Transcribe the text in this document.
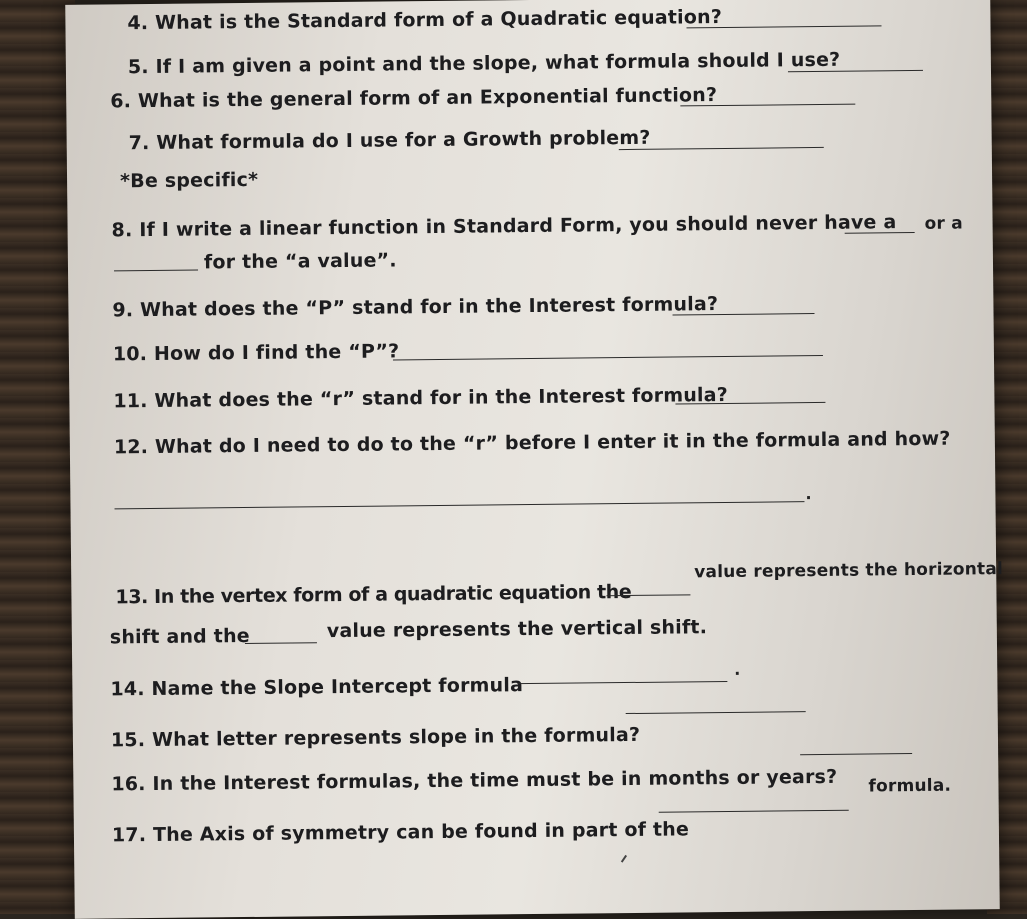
4. What is the Standard form of a Quadratic equation?
5. If I am given a point and the slope, what formula should I use?
6. What is the general form of an Exponential function?
7. What formula do I use for a Growth problem?
*Be specific*
8. If I write a linear function in Standard Form, you should never have a or a
for the “a value”.
9. What does the “P” stand for in the Interest formula?
10. How do I find the “P”?
11. What does the “r” stand for in the Interest formula?
12. What do I need to do to the “r” before I enter it in the formula and how?
.
13. In the vertex form of a quadratic equation the
value represents the horizontal
shift and the	value represents the vertical shift.
14. Name the Slope Intercept formula
.
15. What letter represents slope in the formula?
16. In the Interest formulas, the time must be in months or years?
17. The Axis of symmetry can be found in part of the
formula.
